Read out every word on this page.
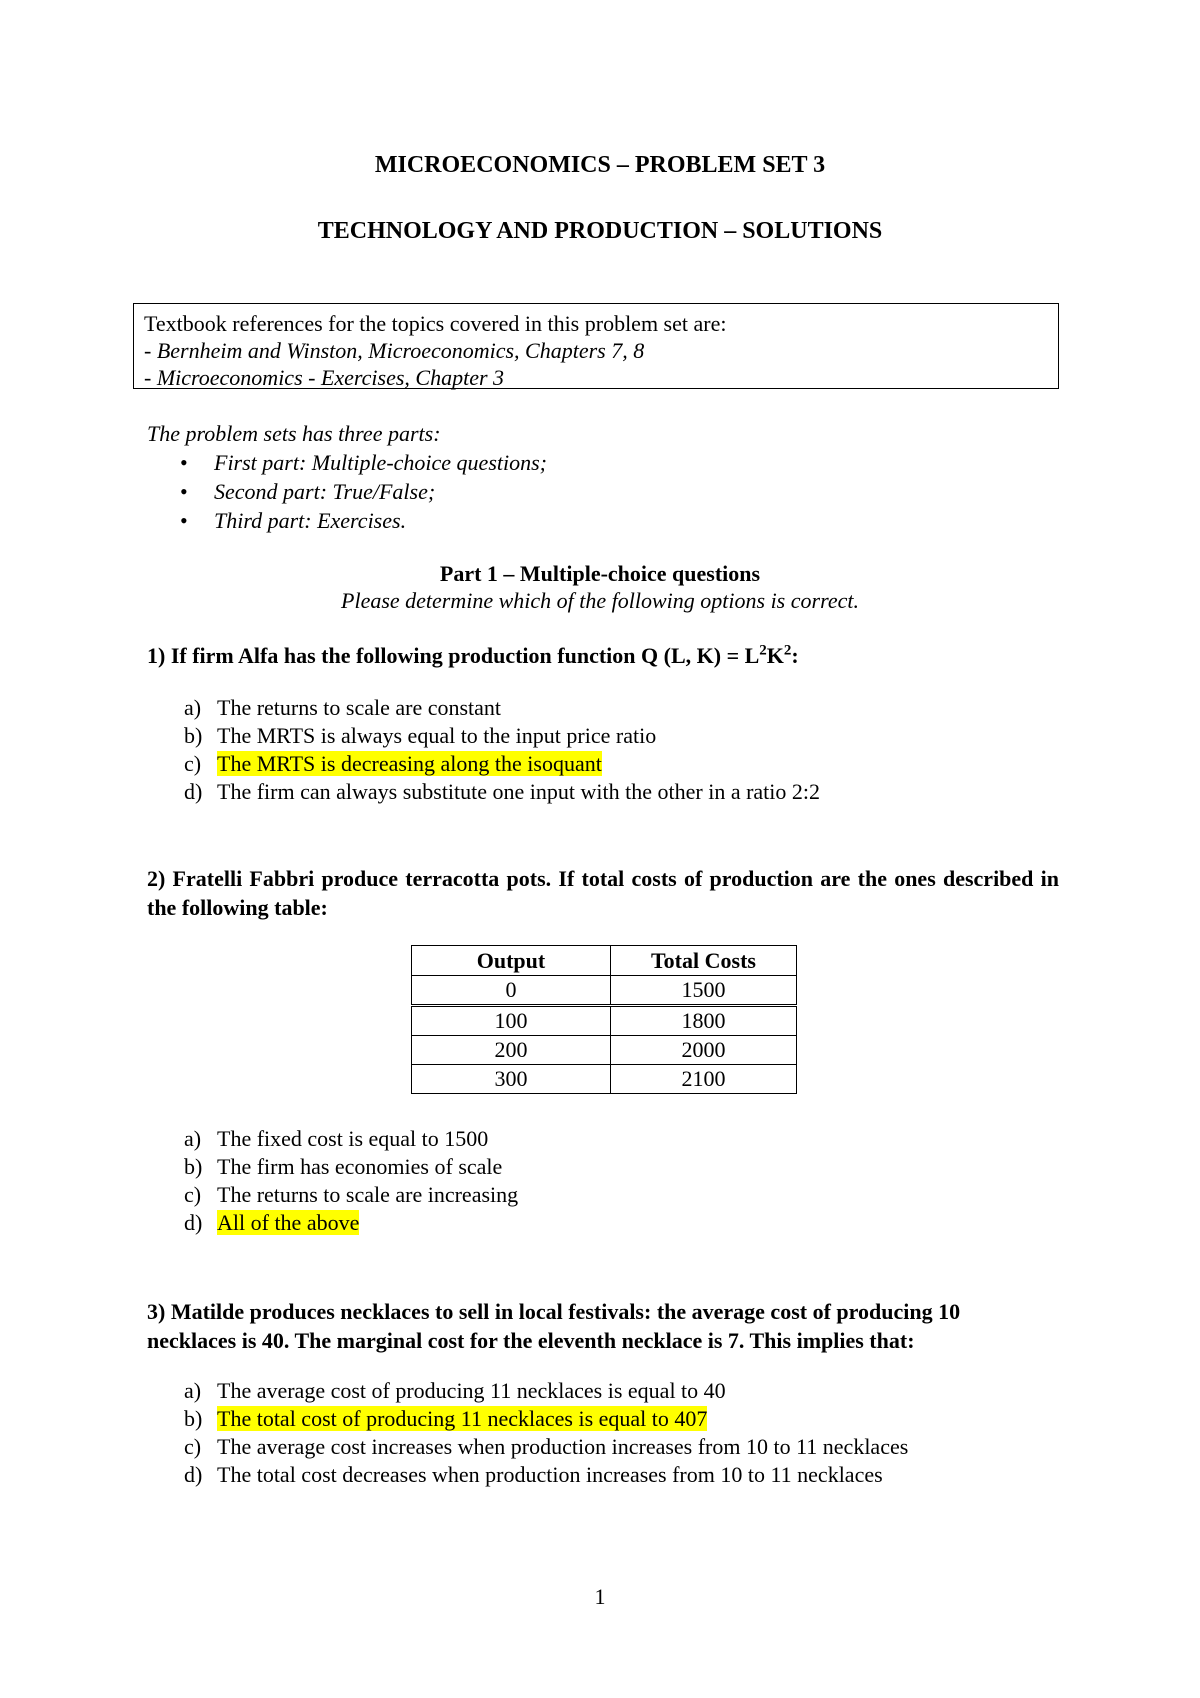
MICROECONOMICS – PROBLEM SET 3
TECHNOLOGY AND PRODUCTION – SOLUTIONS
Textbook references for the topics covered in this problem set are:
- Bernheim and Winston, Microeconomics, Chapters 7, 8
- Microeconomics - Exercises, Chapter 3
The problem sets has three parts:
• First part: Multiple-choice questions;
• Second part: True/False;
• Third part: Exercises.
Part 1 – Multiple-choice questions
Please determine which of the following options is correct.
1) If firm Alfa has the following production function Q (L, $K) = L^2K^2$:
a) The returns to scale are constant
b) The MRTS is always equal to the input price ratio
c) The MRTS is decreasing along the isoquant
d) The firm can always substitute one input with the other in a ratio 2:2
2) Fratelli Fabbri produce terracotta pots. If total costs of production are the ones described in the following table:
Output	Total Costs
0	1500
100	1800
200	2000
300	2100
a) The fixed cost is equal to 1500
b) The firm has economies of scale
c) The returns to scale are increasing
d) All of the above
3) Matilde produces necklaces to sell in local festivals: the average cost of producing 10
necklaces is 40. The marginal cost for the eleventh necklace is 7. This implies that:
a) The average cost of producing 11 necklaces is equal to 40
b) The total cost of producing 11 necklaces is equal to 407
c) The average cost increases when production increases from 10 to 11 necklaces
d) The total cost decreases when production increases from 10 to 11 necklaces
1
